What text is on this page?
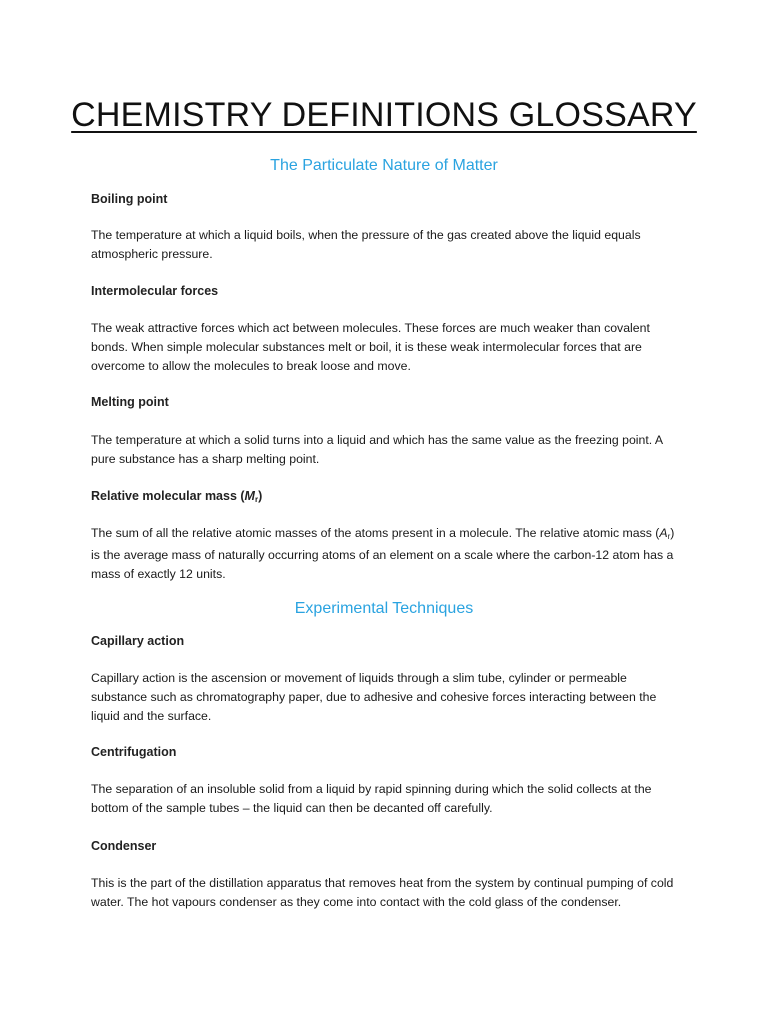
CHEMISTRY DEFINITIONS GLOSSARY
The Particulate Nature of Matter

Boiling point

The temperature at which a liquid boils, when the pressure of the gas created above the liquid equals atmospheric pressure.

Intermolecular forces

The weak attractive forces which act between molecules. These forces are much weaker than covalent bonds. When simple molecular substances melt or boil, it is these weak intermolecular forces that are overcome to allow the molecules to break loose and move.

Melting point

The temperature at which a solid turns into a liquid and which has the same value as the freezing point. A pure substance has a sharp melting point.

Relative molecular mass $(M_r)$

The sum of all the relative atomic masses of the atoms present in a molecule. The relative atomic mass $(A_r)$ is the average mass of naturally occurring atoms of an element on a scale where the carbon-12 atom has a mass of exactly 12 units.

Experimental Techniques

Capillary action

Capillary action is the ascension or movement of liquids through a slim tube, cylinder or permeable substance such as chromatography paper, due to adhesive and cohesive forces interacting between the liquid and the surface.

Centrifugation

The separation of an insoluble solid from a liquid by rapid spinning during which the solid collects at the bottom of the sample tubes – the liquid can then be decanted off carefully.

Condenser

This is the part of the distillation apparatus that removes heat from the system by continual pumping of cold water. The hot vapours condenser as they come into contact with the cold glass of the condenser.
